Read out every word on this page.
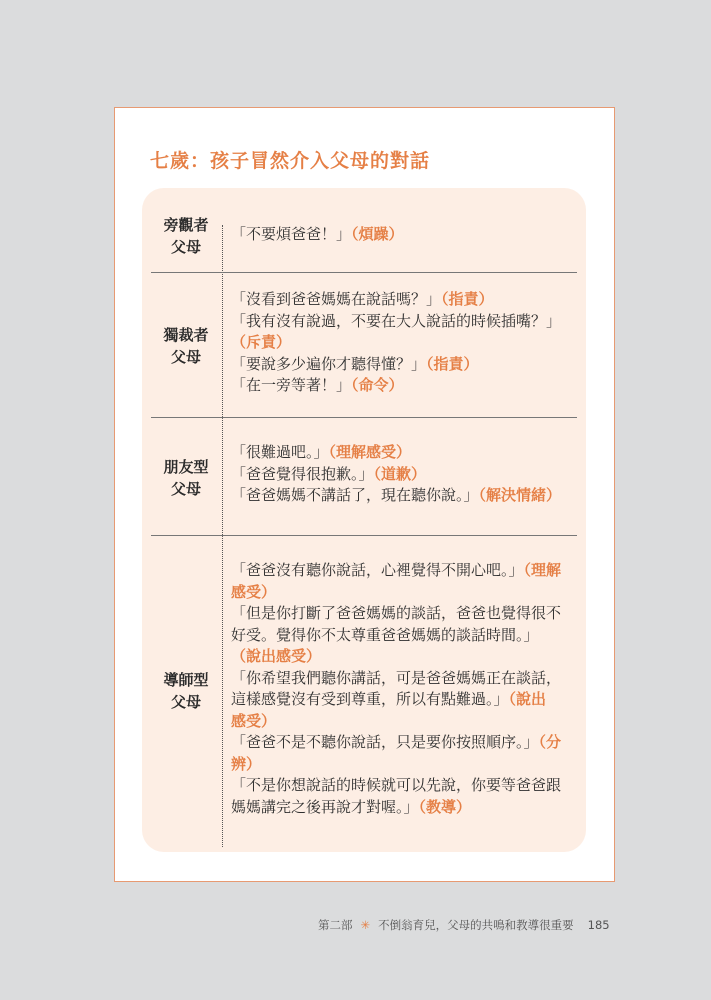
七歲：孩子冒然介入父母的對話
旁觀者
父母
「不要煩爸爸！」（煩躁）
獨裁者
父母
「沒看到爸爸媽媽在說話嗎？」（指責）
「我有沒有說過，不要在大人說話的時候插嘴？」
（斥責）
「要說多少遍你才聽得懂？」（指責）
「在一旁等著！」（命令）
朋友型
父母
「很難過吧。」（理解感受）
「爸爸覺得很抱歉。」（道歉）
「爸爸媽媽不講話了，現在聽你說。」（解決情緒）
導師型
父母
「爸爸沒有聽你說話，心裡覺得不開心吧。」（理解
感受）
「但是你打斷了爸爸媽媽的談話，爸爸也覺得很不
好受。覺得你不太尊重爸爸媽媽的談話時間。」
（說出感受）
「你希望我們聽你講話，可是爸爸媽媽正在談話，
這樣感覺沒有受到尊重，所以有點難過。」（說出
感受）
「爸爸不是不聽你說話，只是要你按照順序。」（分
辨）
「不是你想說話的時候就可以先說，你要等爸爸跟
媽媽講完之後再說才對喔。」（教導）
第二部 ✳ 不倒翁育兒，父母的共鳴和教導很重要 185
